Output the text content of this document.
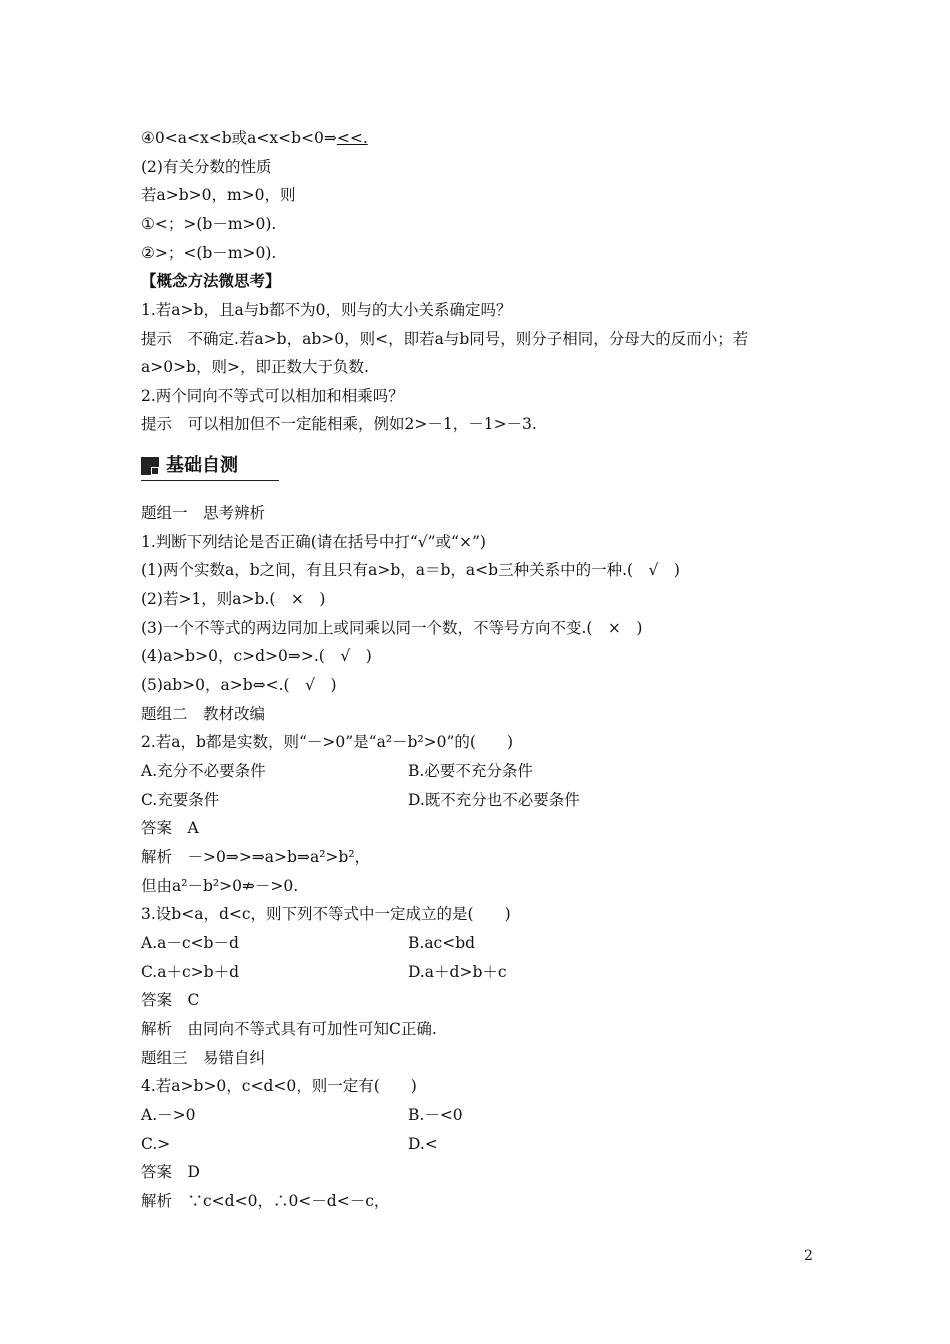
④0<a<x<b或a<x<b<0⇒<<.
(2)有关分数的性质
若a>b>0，m>0，则
①<；>(b－m>0).
②>；<(b－m>0).
【概念方法微思考】
1.若a>b，且a与b都不为0，则与的大小关系确定吗？
提示　不确定.若a>b，ab>0，则<，即若a与b同号，则分子相同，分母大的反而小；若
a>0>b，则>，即正数大于负数.
2.两个同向不等式可以相加和相乘吗？
提示　可以相加但不一定能相乘，例如2>－1，－1>－3.
基础自测
题组一　思考辨析
1.判断下列结论是否正确(请在括号中打“√”或“×”)
(1)两个实数a，b之间，有且只有a>b，a＝b，a<b三种关系中的一种.(　√　)
(2)若>1，则a>b.(　×　)
(3)一个不等式的两边同加上或同乘以同一个数，不等号方向不变.(　×　)
(4)a>b>0，c>d>0⇒>.(　√　)
(5)ab>0，a>b⇔<.(　√　)
题组二　教材改编
2.若a，b都是实数，则“－>0”是“a²－b²>0”的(　　)
A.充分不必要条件	B.必要不充分条件
C.充要条件	D.既不充分也不必要条件
答案　A
解析　－>0⇒>⇒a>b⇒a²>b²，
但由a²－b²>0⇏－>0.
3.设b<a，d<c，则下列不等式中一定成立的是(　　)
A.a－c<b－d	B.ac<bd
C.a＋c>b＋d	D.a＋d>b＋c
答案　C
解析　由同向不等式具有可加性可知C正确.
题组三　易错自纠
4.若a>b>0，c<d<0，则一定有(　　)
A.－>0	B.－<0
C.>	D.<
答案　D
解析　∵c<d<0，∴0<－d<－c，
2
